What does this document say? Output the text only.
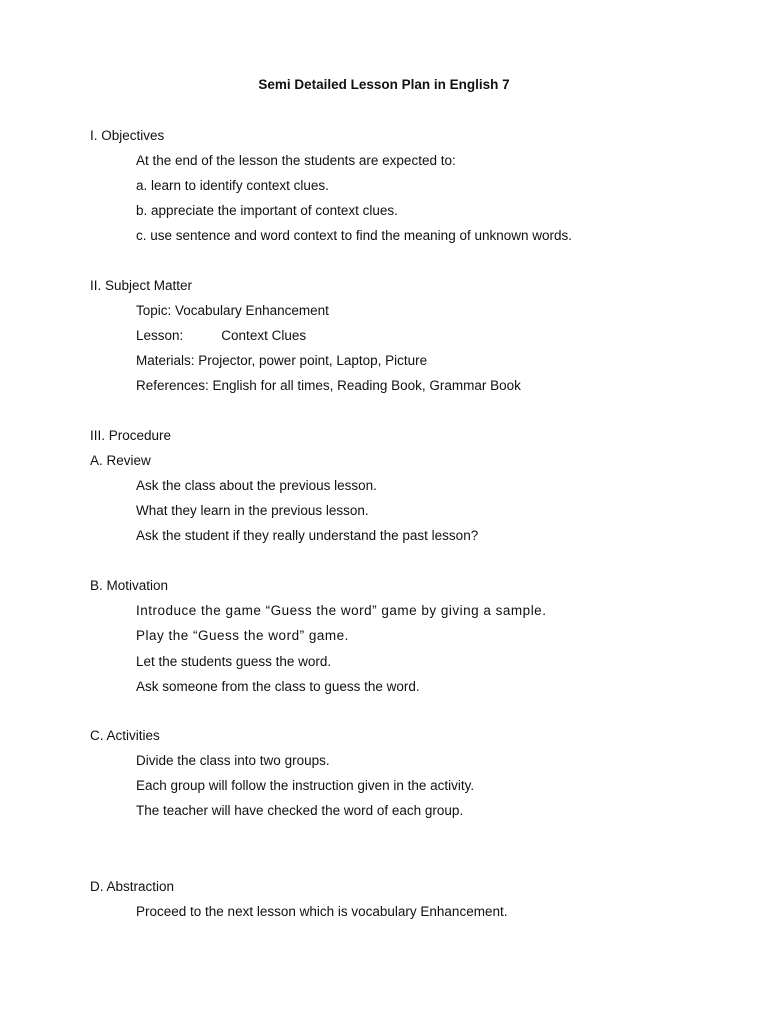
Semi Detailed Lesson Plan in English 7
I. Objectives
At the end of the lesson the students are expected to:
a. learn to identify context clues.
b. appreciate the important of context clues.
c. use sentence and word context to find the meaning of unknown words.
II. Subject Matter
Topic: Vocabulary Enhancement
Lesson:	Context Clues
Materials: Projector, power point, Laptop, Picture
References: English for all times, Reading Book, Grammar Book
III. Procedure
A. Review
Ask the class about the previous lesson.
What they learn in the previous lesson.
Ask the student if they really understand the past lesson?
B. Motivation
Introduce the game “Guess the word” game by giving a sample.
Play the “Guess the word” game.
Let the students guess the word.
Ask someone from the class to guess the word.
C. Activities
Divide the class into two groups.
Each group will follow the instruction given in the activity.
The teacher will have checked the word of each group.
D. Abstraction
Proceed to the next lesson which is vocabulary Enhancement.
